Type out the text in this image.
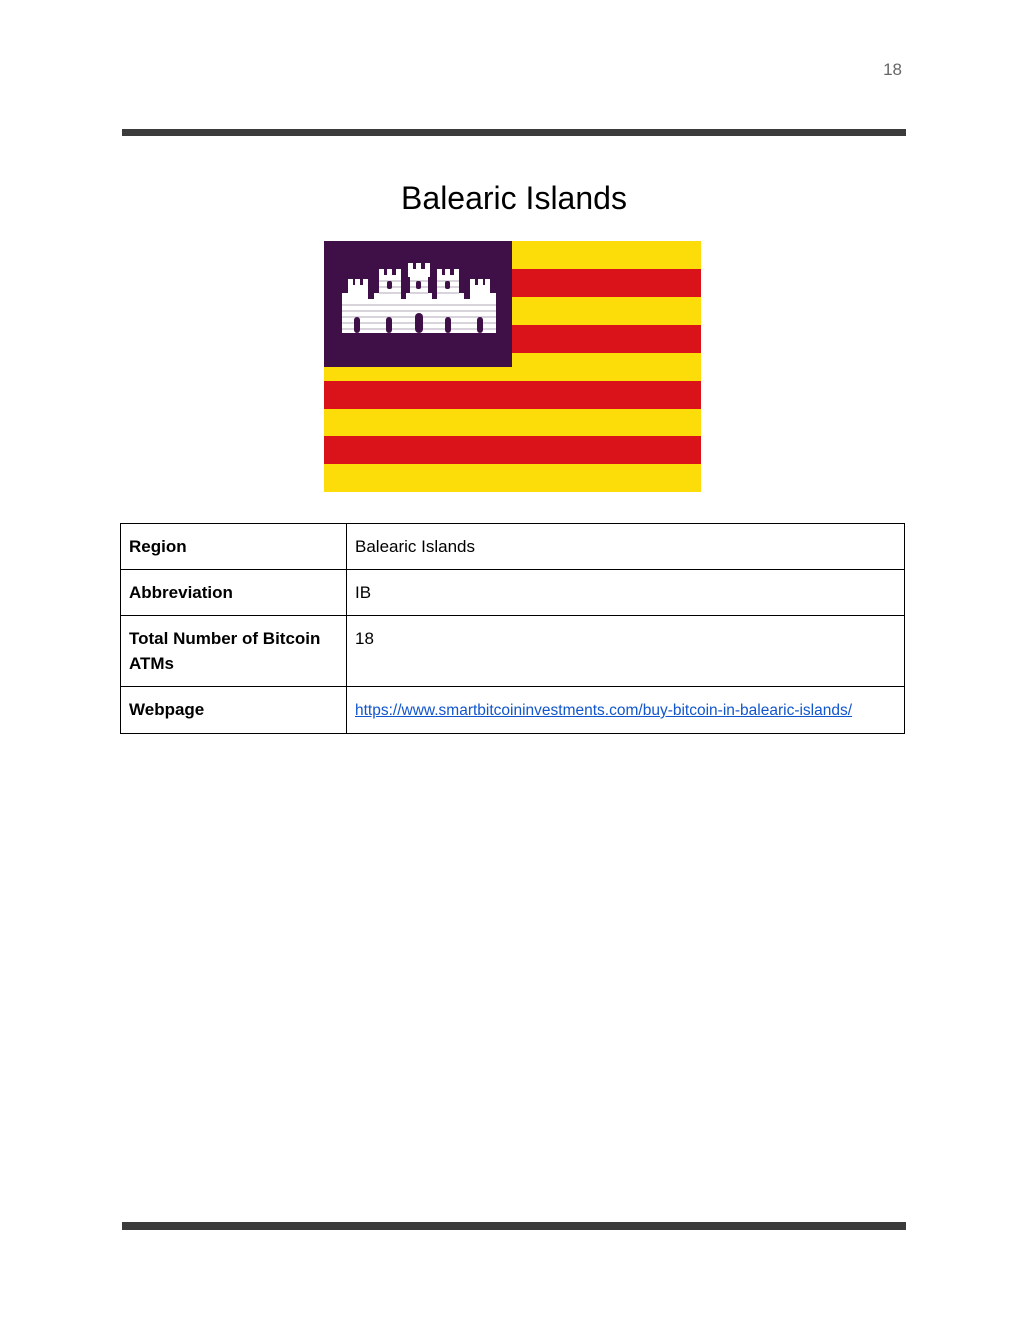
18
Balearic Islands
Region	Balearic Islands
Abbreviation	IB
Total Number of Bitcoin ATMs	18
Webpage	https://www.smartbitcoininvestments.com/buy-bitcoin-in-balearic-islands/
